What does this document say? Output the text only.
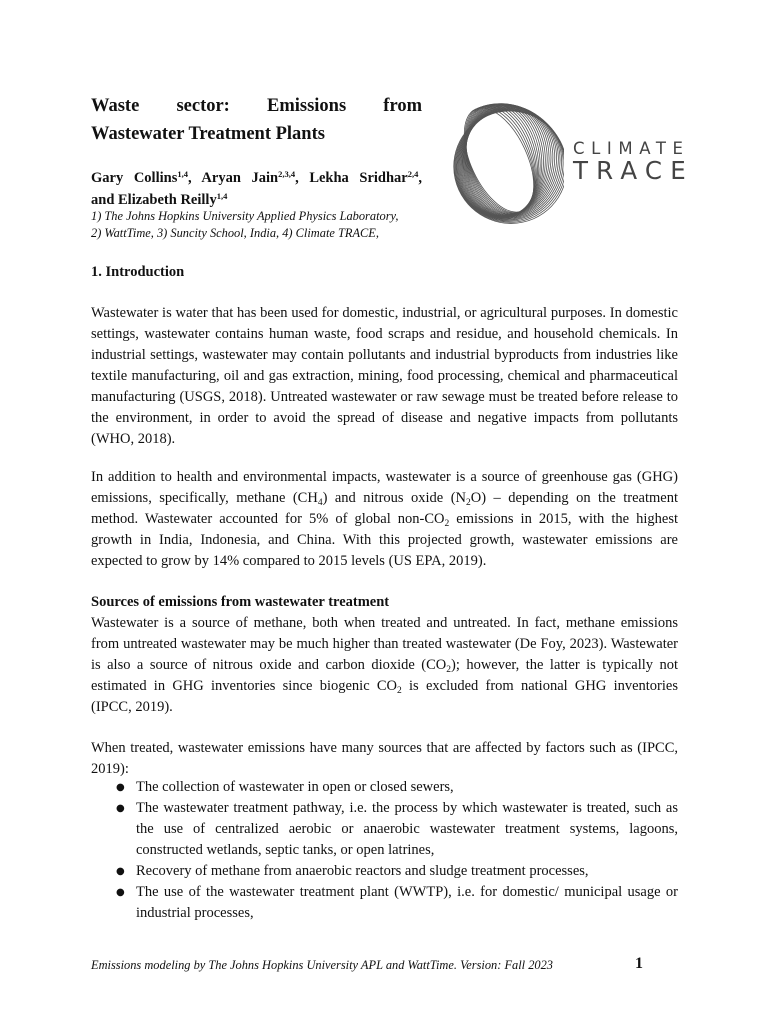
Waste sector: Emissions from
Wastewater Treatment Plants
Gary Collins$^{1,4}$, Aryan Jain$^{2,3,4}$, Lekha Sridhar$^{2,4}$,
and Elizabeth Reilly$^{1,4}$
1) The Johns Hopkins University Applied Physics Laboratory,
2) WattTime, 3) Suncity School, India, 4) Climate TRACE,
CLIMATE
TRACE
1. Introduction

Wastewater is water that has been used for domestic, industrial, or agricultural purposes. In domestic settings, wastewater contains human waste, food scraps and residue, and household chemicals. In industrial settings, wastewater may contain pollutants and industrial byproducts from industries like textile manufacturing, oil and gas extraction, mining, food processing, chemical and pharmaceutical manufacturing (USGS, 2018). Untreated wastewater or raw sewage must be treated before release to the environment, in order to avoid the spread of disease and negative impacts from pollutants (WHO, 2018).

In addition to health and environmental impacts, wastewater is a source of greenhouse gas (GHG) emissions, specifically, methane $(CH_4)$ and nitrous oxide $(N_2O)$ – depending on the treatment method. Wastewater accounted for 5% of global non-$CO_2$ emissions in 2015, with the highest growth in India, Indonesia, and China. With this projected growth, wastewater emissions are expected to grow by 14% compared to 2015 levels (US EPA, 2019).

Sources of emissions from wastewater treatment
Wastewater is a source of methane, both when treated and untreated. In fact, methane emissions from untreated wastewater may be much higher than treated wastewater (De Foy, 2023). Wastewater is also a source of nitrous oxide and carbon dioxide $(CO_2)$; however, the latter is typically not estimated in GHG inventories since biogenic $CO_2$ is excluded from national GHG inventories (IPCC, 2019).

When treated, wastewater emissions have many sources that are affected by factors such as (IPCC, 2019):

● The collection of wastewater in open or closed sewers,
● The wastewater treatment pathway, i.e. the process by which wastewater is treated, such as the use of centralized aerobic or anaerobic wastewater treatment systems, lagoons, constructed wetlands, septic tanks, or open latrines,
● Recovery of methane from anaerobic reactors and sludge treatment processes,
● The use of the wastewater treatment plant (WWTP), i.e. for domestic/ municipal usage or industrial processes,
Emissions modeling by The Johns Hopkins University APL and WattTime. Version: Fall 2023	1
